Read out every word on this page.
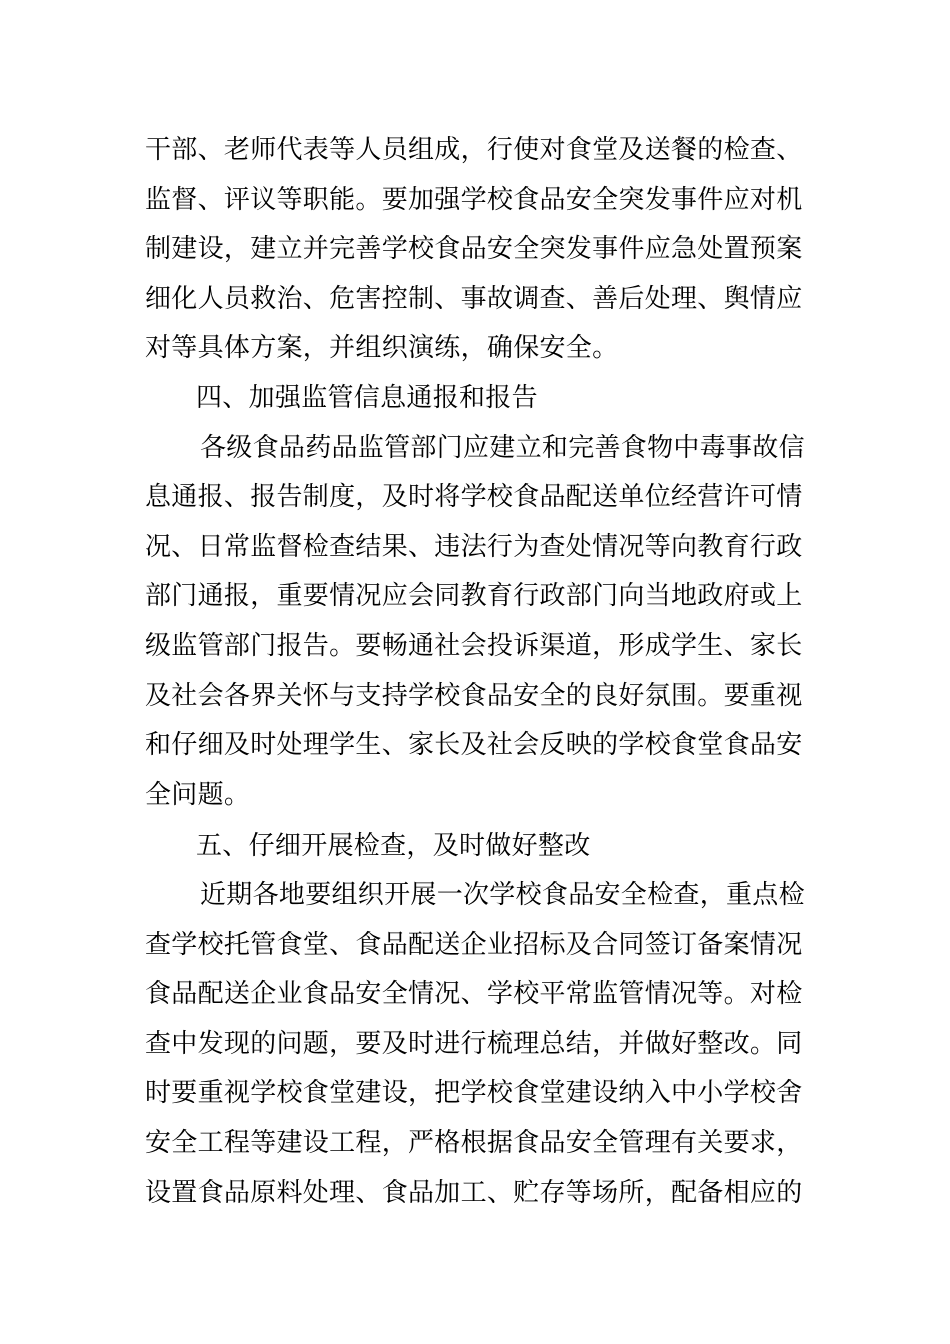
干部、老师代表等人员组成，行使对食堂及送餐的检查、
监督、评议等职能。要加强学校食品安全突发事件应对机
制建设，建立并完善学校食品安全突发事件应急处置预案
细化人员救治、危害控制、事故调查、善后处理、舆情应
对等具体方案，并组织演练，确保安全。
四、加强监管信息通报和报告
各级食品药品监管部门应建立和完善食物中毒事故信
息通报、报告制度，及时将学校食品配送单位经营许可情
况、日常监督检查结果、违法行为查处情况等向教育行政
部门通报，重要情况应会同教育行政部门向当地政府或上
级监管部门报告。要畅通社会投诉渠道，形成学生、家长
及社会各界关怀与支持学校食品安全的良好氛围。要重视
和仔细及时处理学生、家长及社会反映的学校食堂食品安
全问题。
五、仔细开展检查，及时做好整改
近期各地要组织开展一次学校食品安全检查，重点检
查学校托管食堂、食品配送企业招标及合同签订备案情况
食品配送企业食品安全情况、学校平常监管情况等。对检
查中发现的问题，要及时进行梳理总结，并做好整改。同
时要重视学校食堂建设，把学校食堂建设纳入中小学校舍
安全工程等建设工程，严格根据食品安全管理有关要求，
设置食品原料处理、食品加工、贮存等场所，配备相应的
